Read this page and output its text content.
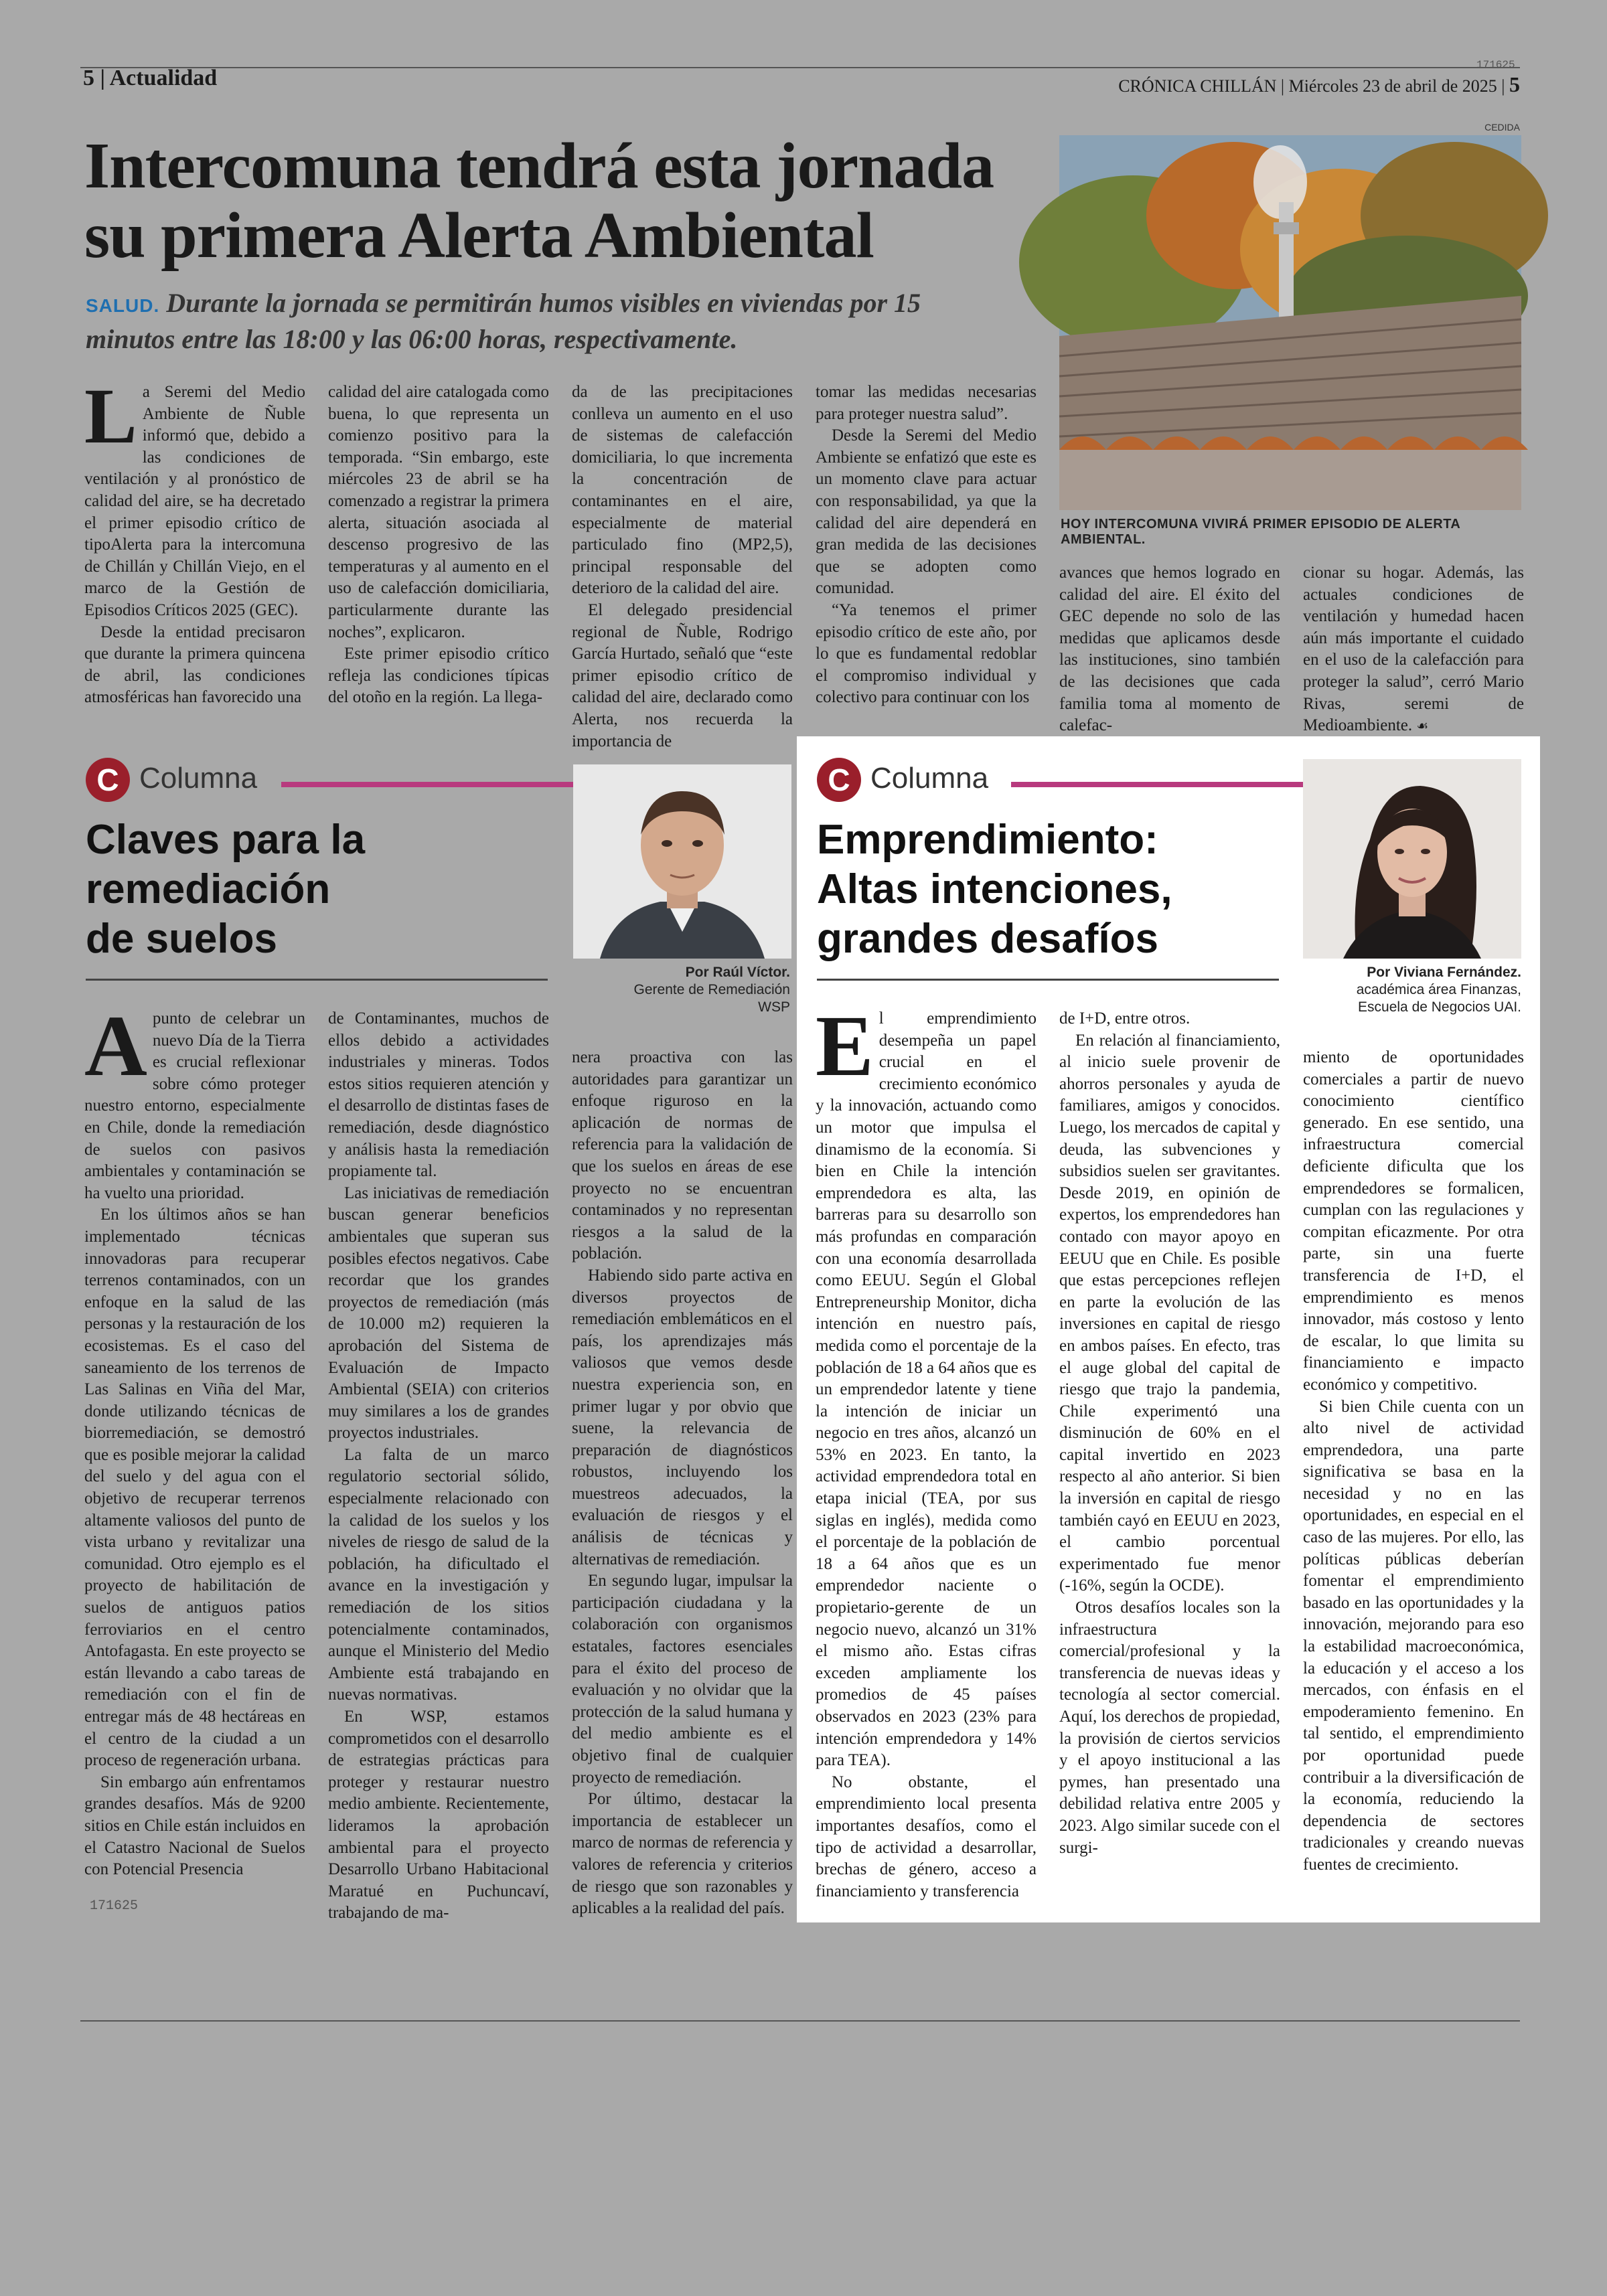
5 | Actualidad	CRÓNICA CHILLÁN | Miércoles 23 de abril de 2025 | 5
171625
Intercomuna tendrá esta jornada
su primera Alerta Ambiental
SALUD. Durante la jornada se permitirán humos visibles en viviendas por 15 minutos entre las 18:00 y las 06:00 horas, respectivamente.
CEDIDA
HOY INTERCOMUNA VIVIRÁ PRIMER EPISODIO DE ALERTA AMBIENTAL.
L a Seremi del Medio Ambiente de Ñuble informó que, debido a las condiciones de ventilación y al pronóstico de calidad del aire, se ha decretado el primer episodio crítico de tipoAlerta para la intercomuna de Chillán y Chillán Viejo, en el marco de la Gestión de Episodios Críticos 2025 (GEC).

Desde la entidad precisaron que durante la primera quincena de abril, las condiciones atmosféricas han favorecido una

calidad del aire catalogada como buena, lo que representa un comienzo positivo para la temporada. “Sin embargo, este miércoles 23 de abril se ha comenzado a registrar la primera alerta, situación asociada al descenso progresivo de las temperaturas y al aumento en el uso de calefacción domiciliaria, particularmente durante las noches”, explicaron.

Este primer episodio crítico refleja las condiciones típicas del otoño en la región. La llega-

da de las precipitaciones conlleva un aumento en el uso de sistemas de calefacción domiciliaria, lo que incrementa la concentración de contaminantes en el aire, especialmente de material particulado fino (MP2,5), principal responsable del deterioro de la calidad del aire.

El delegado presidencial regional de Ñuble, Rodrigo García Hurtado, señaló que “este primer episodio crítico de calidad del aire, declarado como Alerta, nos recuerda la importancia de

tomar las medidas necesarias para proteger nuestra salud”.

Desde la Seremi del Medio Ambiente se enfatizó que este es un momento clave para actuar con responsabilidad, ya que la calidad del aire dependerá en gran medida de las decisiones que se adopten como comunidad.

“Ya tenemos el primer episodio crítico de este año, por lo que es fundamental redoblar el compromiso individual y colectivo para continuar con los

avances que hemos logrado en calidad del aire. El éxito del GEC depende no solo de las medidas que aplicamos desde las instituciones, sino también de las decisiones que cada familia toma al momento de calefac-

cionar su hogar. Además, las actuales condiciones de ventilación y humedad hacen aún más importante el cuidado en el uso de la calefacción para proteger la salud”, cerró Mario Rivas, seremi de Medioambiente. ☙

C Columna
Claves para la
remediación
de suelos
Por Raúl Víctor.
Gerente de Remediación
WSP
A punto de celebrar un nuevo Día de la Tierra es crucial reflexionar sobre cómo proteger nuestro entorno, especialmente en Chile, donde la remediación de suelos con pasivos ambientales y contaminación se ha vuelto una prioridad.

En los últimos años se han implementado técnicas innovadoras para recuperar terrenos contaminados, con un enfoque en la salud de las personas y la restauración de los ecosistemas. Es el caso del saneamiento de los terrenos de Las Salinas en Viña del Mar, donde utilizando técnicas de biorremediación, se demostró que es posible mejorar la calidad del suelo y del agua con el objetivo de recuperar terrenos altamente valiosos del punto de vista urbano y revitalizar una comunidad. Otro ejemplo es el proyecto de habilitación de suelos de antiguos patios ferroviarios en el centro Antofagasta. En este proyecto se están llevando a cabo tareas de remediación con el fin de entregar más de 48 hectáreas en el centro de la ciudad a un proceso de regeneración urbana.

Sin embargo aún enfrentamos grandes desafíos. Más de 9200 sitios en Chile están incluidos en el Catastro Nacional de Suelos con Potencial Presencia

de Contaminantes, muchos de ellos debido a actividades industriales y mineras. Todos estos sitios requieren atención y el desarrollo de distintas fases de remediación, desde diagnóstico y análisis hasta la remediación propiamente tal.

Las iniciativas de remediación buscan generar beneficios ambientales que superan sus posibles efectos negativos. Cabe recordar que los grandes proyectos de remediación (más de 10.000 m2) requieren la aprobación del Sistema de Evaluación de Impacto Ambiental (SEIA) con criterios muy similares a los de grandes proyectos industriales.

La falta de un marco regulatorio sectorial sólido, especialmente relacionado con la calidad de los suelos y los niveles de riesgo de salud de la población, ha dificultado el avance en la investigación y remediación de los sitios potencialmente contaminados, aunque el Ministerio del Medio Ambiente está trabajando en nuevas normativas.

En WSP, estamos comprometidos con el desarrollo de estrategias prácticas para proteger y restaurar nuestro medio ambiente. Recientemente, lideramos la aprobación ambiental para el proyecto Desarrollo Urbano Habitacional Maratué en Puchuncaví, trabajando de ma-

nera proactiva con las autoridades para garantizar un enfoque riguroso en la aplicación de normas de referencia para la validación de que los suelos en áreas de ese proyecto no se encuentran contaminados y no representan riesgos a la salud de la población.

Habiendo sido parte activa en diversos proyectos de remediación emblemáticos en el país, los aprendizajes más valiosos que vemos desde nuestra experiencia son, en primer lugar y por obvio que suene, la relevancia de preparación de diagnósticos robustos, incluyendo los muestreos adecuados, la evaluación de riesgos y el análisis de técnicas y alternativas de remediación.

En segundo lugar, impulsar la participación ciudadana y la colaboración con organismos estatales, factores esenciales para el éxito del proceso de evaluación y no olvidar que la protección de la salud humana y del medio ambiente es el objetivo final de cualquier proyecto de remediación.

Por último, destacar la importancia de establecer un marco de normas de referencia y valores de referencia y criterios de riesgo que son razonables y aplicables a la realidad del país.

171625
C Columna
Emprendimiento:
Altas intenciones,
grandes desafíos
Por Viviana Fernández.
académica área Finanzas,
Escuela de Negocios UAI.
E l emprendimiento desempeña un papel crucial en el crecimiento económico y la innovación, actuando como un motor que impulsa el dinamismo de la economía. Si bien en Chile la intención emprendedora es alta, las barreras para su desarrollo son más profundas en comparación con una economía desarrollada como EEUU. Según el Global Entrepreneurship Monitor, dicha intención en nuestro país, medida como el porcentaje de la población de 18 a 64 años que es un emprendedor latente y tiene la intención de iniciar un negocio en tres años, alcanzó un 53% en 2023. En tanto, la actividad emprendedora total en etapa inicial (TEA, por sus siglas en inglés), medida como el porcentaje de la población de 18 a 64 años que es un emprendedor naciente o propietario-gerente de un negocio nuevo, alcanzó un 31% el mismo año. Estas cifras exceden ampliamente los promedios de 45 países observados en 2023 (23% para intención emprendedora y 14% para TEA).

No obstante, el emprendimiento local presenta importantes desafíos, como el tipo de actividad a desarrollar, brechas de género, acceso a financiamiento y transferencia

de I+D, entre otros.

En relación al financiamiento, al inicio suele provenir de ahorros personales y ayuda de familiares, amigos y conocidos. Luego, los mercados de capital y deuda, las subvenciones y subsidios suelen ser gravitantes. Desde 2019, en opinión de expertos, los emprendedores han contado con mayor apoyo en EEUU que en Chile. Es posible que estas percepciones reflejen en parte la evolución de las inversiones en capital de riesgo en ambos países. En efecto, tras el auge global del capital de riesgo que trajo la pandemia, Chile experimentó una disminución de 60% en el capital invertido en 2023 respecto al año anterior. Si bien la inversión en capital de riesgo también cayó en EEUU en 2023, el cambio porcentual experimentado fue menor (-16%, según la OCDE).

Otros desafíos locales son la infraestructura comercial/profesional y la transferencia de nuevas ideas y tecnología al sector comercial. Aquí, los derechos de propiedad, la provisión de ciertos servicios y el apoyo institucional a las pymes, han presentado una debilidad relativa entre 2005 y 2023. Algo similar sucede con el surgi-

miento de oportunidades comerciales a partir de nuevo conocimiento científico generado. En ese sentido, una infraestructura comercial deficiente dificulta que los emprendedores se formalicen, cumplan con las regulaciones y compitan eficazmente. Por otra parte, sin una fuerte transferencia de I+D, el emprendimiento es menos innovador, más costoso y lento de escalar, lo que limita su financiamiento e impacto económico y competitivo.

Si bien Chile cuenta con un alto nivel de actividad emprendedora, una parte significativa se basa en la necesidad y no en las oportunidades, en especial en el caso de las mujeres. Por ello, las políticas públicas deberían fomentar el emprendimiento basado en las oportunidades y la innovación, mejorando para eso la estabilidad macroeconómica, la educación y el acceso a los mercados, con énfasis en el empoderamiento femenino. En tal sentido, el emprendimiento por oportunidad puede contribuir a la diversificación de la economía, reduciendo la dependencia de sectores tradicionales y creando nuevas fuentes de crecimiento.
